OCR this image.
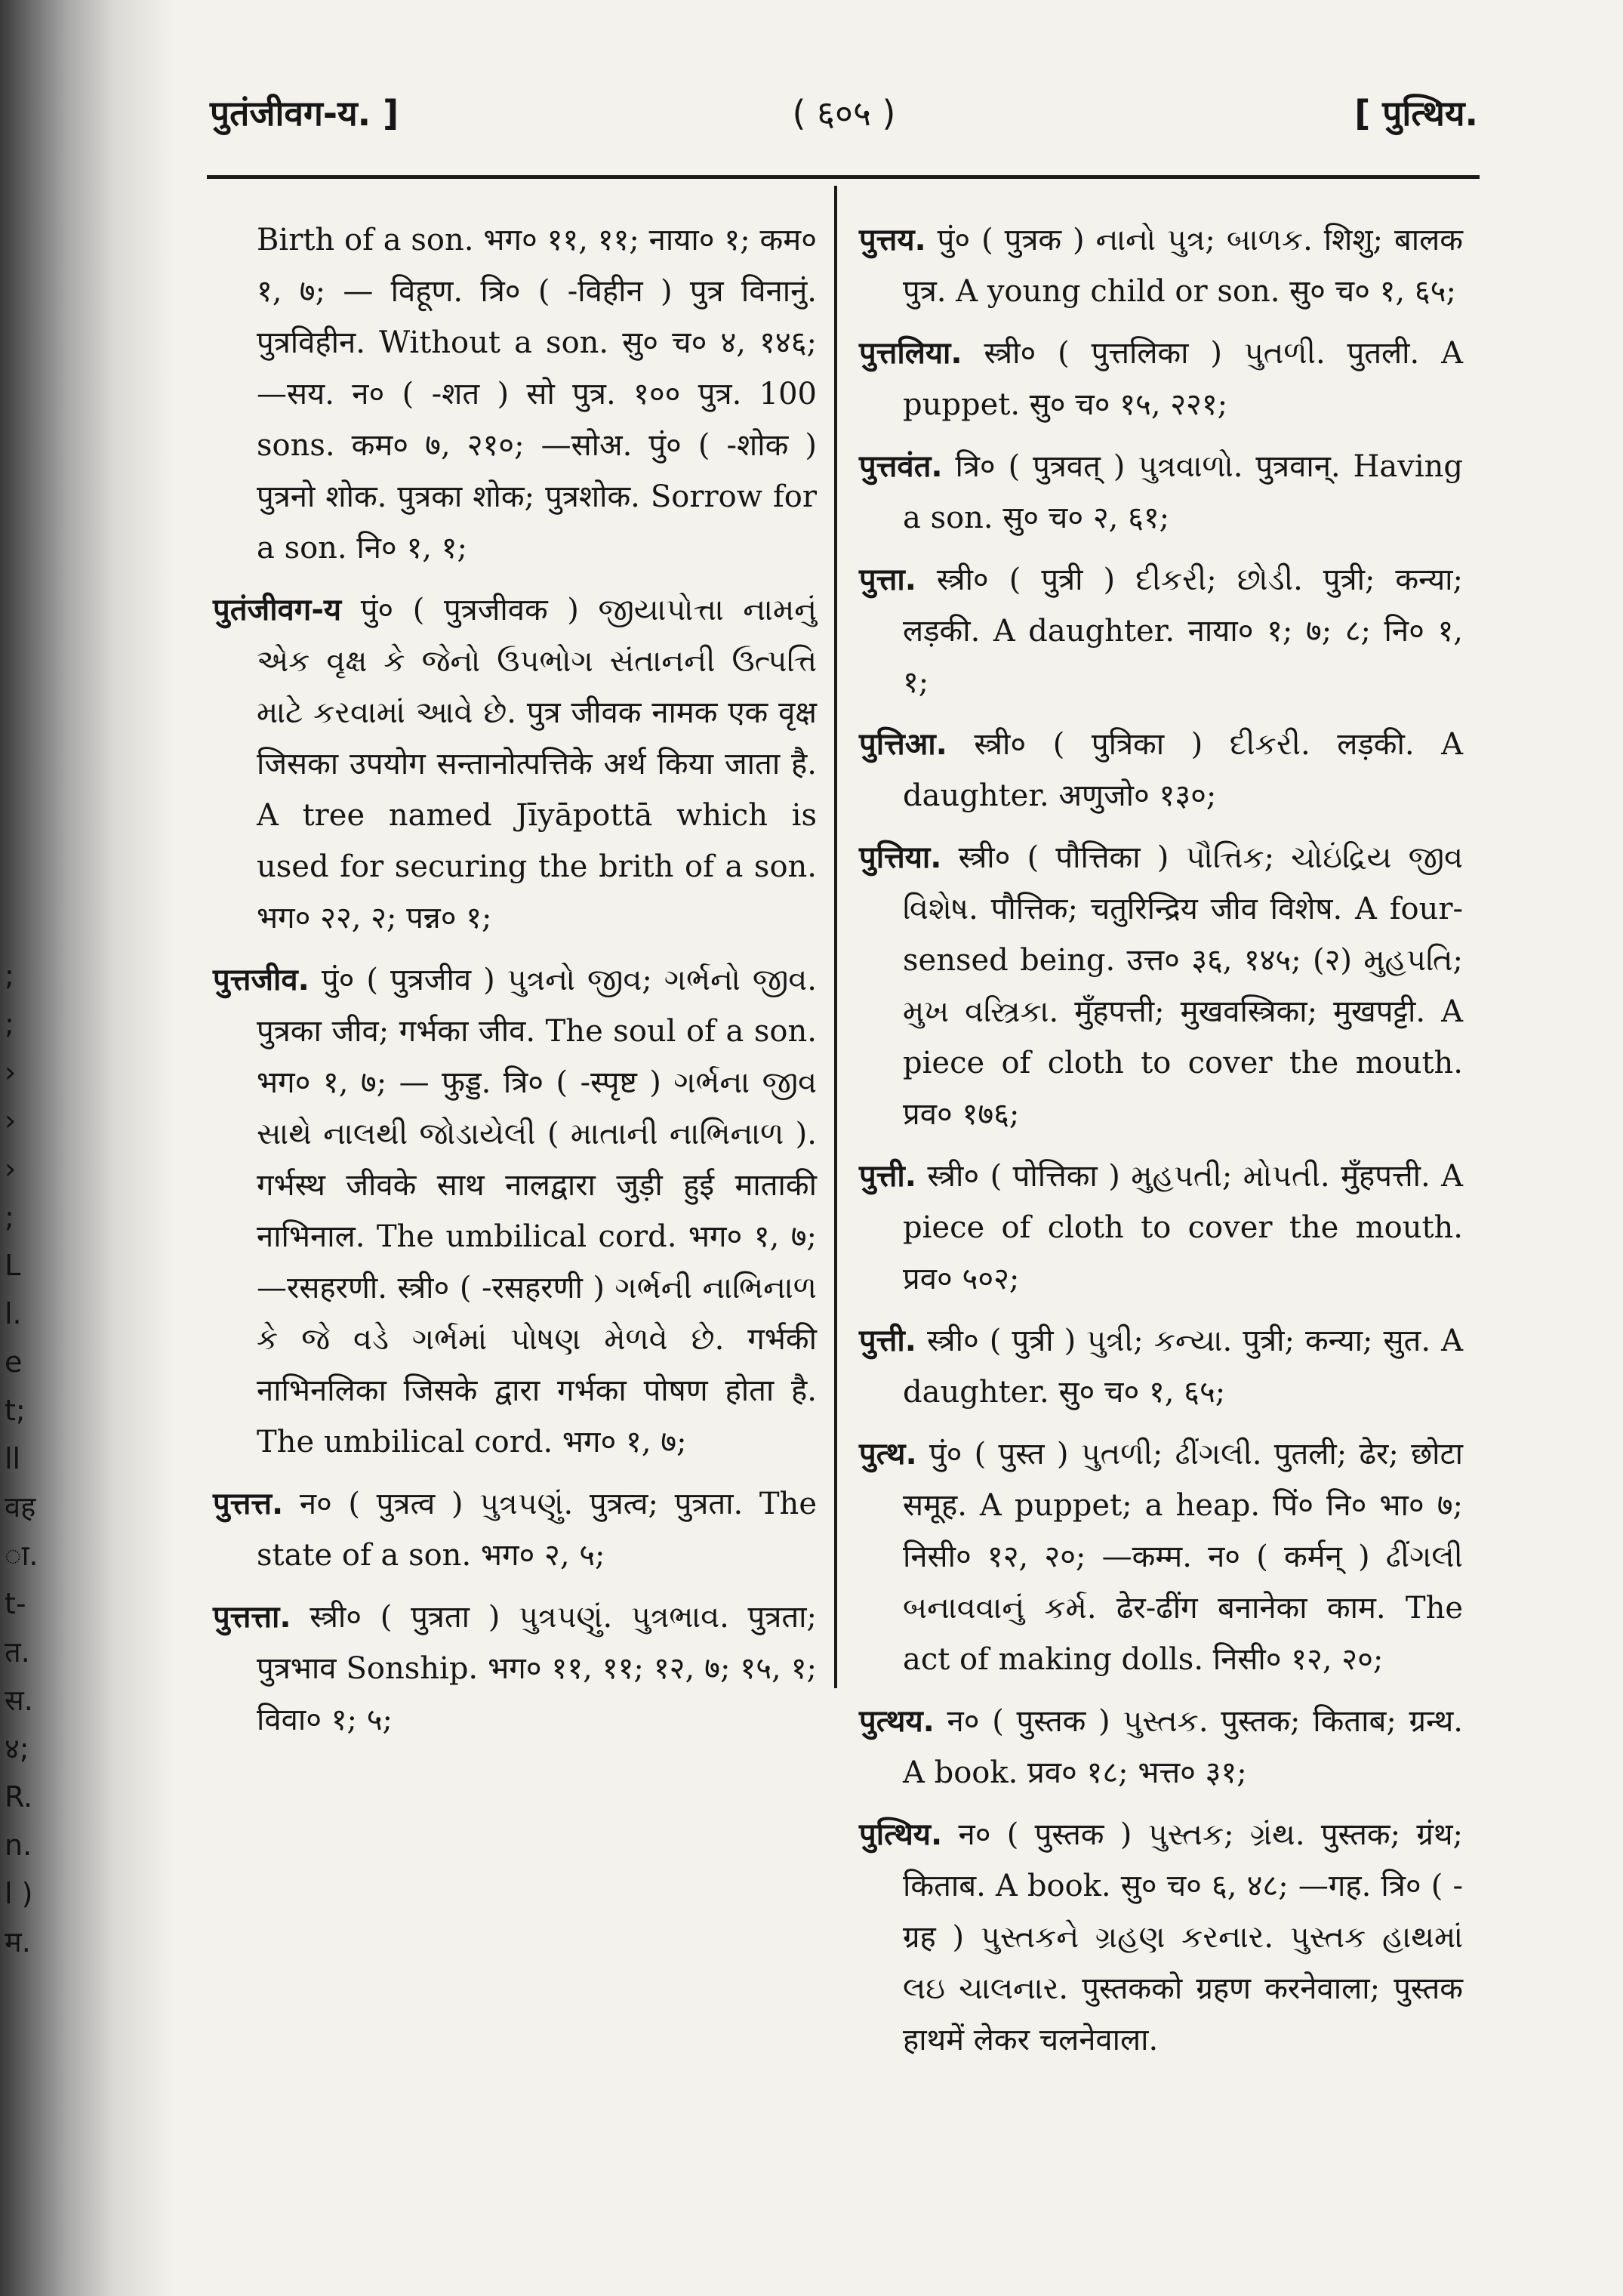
;
;
›
›
›
;
L
l.
e
t;
ll
वह
ा.
t-
त.
स.
४;
R.
n.
l )
म.
पुतंजीवग-य. ]	( ६०५ )	[ पुत्थिय.

Birth of a son. भग० ११, ११; नाया० १; कम० १, ७; — विहूण. त्रि० ( -विहीन ) पुत्र विनानुं. पुत्रविहीन. Without a son. सु० च० ४, १४६; —सय. न० ( -शत ) सो पुत्र. १०० पुत्र. 100 sons. कम० ७, २१०; —सोअ. पुं० ( -शोक ) पुत्रनो शोक. पुत्रका शोक; पुत्रशोक. Sorrow for a son. नि० १, १;

पुतंजीवग-य पुं० ( पुत्रजीवक ) જીયાપોત્તા નામનું એક વૃક્ષ કે જેનો ઉપભોગ સંતાનની ઉત્પત્તિ માટે કરવામાં આવે છે. पुत्र जीवक नामक एक वृक्ष जिसका उपयोग सन्तानोत्पत्तिके अर्थ किया जाता है. A tree named Jīyāpottā which is used for securing the brith of a son. भग० २२, २; पन्न० १;

पुत्तजीव. पुं० ( पुत्रजीव ) પુત્રનો જીવ; ગર્ભનો જીવ. पुत्रका जीव; गर्भका जीव. The soul of a son. भग० १, ७; — फुड्ड. त्रि० ( -स्पृष्ट ) ગર્ભના જીવ સાથે નાલથી જોડાયેલી ( માતાની નાભિનાળ ). गर्भस्थ जीवके साथ नालद्वारा जुड़ी हुई माताकी नाभिनाल. The umbilical cord. भग० १, ७; —रसहरणी. स्त्री० ( -रसहरणी ) ગર્ભની નાભિનાળ કે જે વડે ગર્ભમાં પોષણ મેળવે છે. गर्भकी नाभिनलिका जिसके द्वारा गर्भका पोषण होता है. The umbilical cord. भग० १, ७;

पुत्तत्त. न० ( पुत्रत्व ) પુત્રપણું. पुत्रत्व; पुत्रता. The state of a son. भग० २, ५;

पुत्तत्ता. स्त्री० ( पुत्रता ) પુત્રપણું. પુત્રભાવ. पुत्रता; पुत्रभाव Sonship. भग० ११, ११; १२, ७; १५, १; विवा० १; ५;

पुत्तय. पुं० ( पुत्रक ) નાનો પુત્ર; બાળક. शिशु; बालक पुत्र. A young child or son. सु० च० १, ६५;

पुत्तलिया. स्त्री० ( पुत्तलिका ) પુતળી. पुतली. A puppet. सु० च० १५, २२१;

पुत्तवंत. त्रि० ( पुत्रवत् ) પુત્રવાળો. पुत्रवान्. Having a son. सु० च० २, ६१;

पुत्ता. स्त्री० ( पुत्री ) દીકરી; છોડી. पुत्री; कन्या; लड़की. A daughter. नाया० १; ७; ८; नि० १, १;

पुत्तिआ. स्त्री० ( पुत्रिका ) દીકરી. लड़की. A daughter. अणुजो० १३०;

पुत्तिया. स्त्री० ( पौत्तिका ) પૌત્તિક; ચોઇંદ્રિય જીવ વિશેષ. पौत्तिक; चतुरिन्द्रिय जीव विशेष. A four-sensed being. उत्त० ३६, १४५; (२) મુહપતિ; મુખ વસ્ત્રિકા. मुँहपत्ती; मुखवस्त्रिका; मुखपट्टी. A piece of cloth to cover the mouth. प्रव० १७६;

पुत्ती. स्त्री० ( पोत्तिका ) મુહપતી; મોપતી. मुँहपत्ती. A piece of cloth to cover the mouth. प्रव० ५०२;

पुत्ती. स्त्री० ( पुत्री ) પુત્રી; કન્યા. पुत्री; कन्या; सुत. A daughter. सु० च० १, ६५;

पुत्थ. पुं० ( पुस्त ) પુતળી; ઢીંગલી. पुतली; ढेर; छोटा समूह. A puppet; a heap. पिं० नि० भा० ७; निसी० १२, २०; —कम्म. न० ( कर्मन् ) ઢીંગલી બનાવવાનું કર્મ. ढेर-ढींग बनानेका काम. The act of making dolls. निसी० १२, २०;

पुत्थय. न० ( पुस्तक ) પુસ્તક. पुस्तक; किताब; ग्रन्थ. A book. प्रव० १८; भत्त० ३१;

पुत्थिय. न० ( पुस्तक ) પુસ્તક; ગ્રંથ. पुस्तक; ग्रंथ; किताब. A book. सु० च० ६, ४८; —गह. त्रि० ( -ग्रह ) પુસ્તકને ગ્રહણ કરનાર. પુસ્તક હાથમાં લઇ ચાલનાર. पुस्तकको ग्रहण करनेवाला; पुस्तक हाथमें लेकर चलनेवाला.
